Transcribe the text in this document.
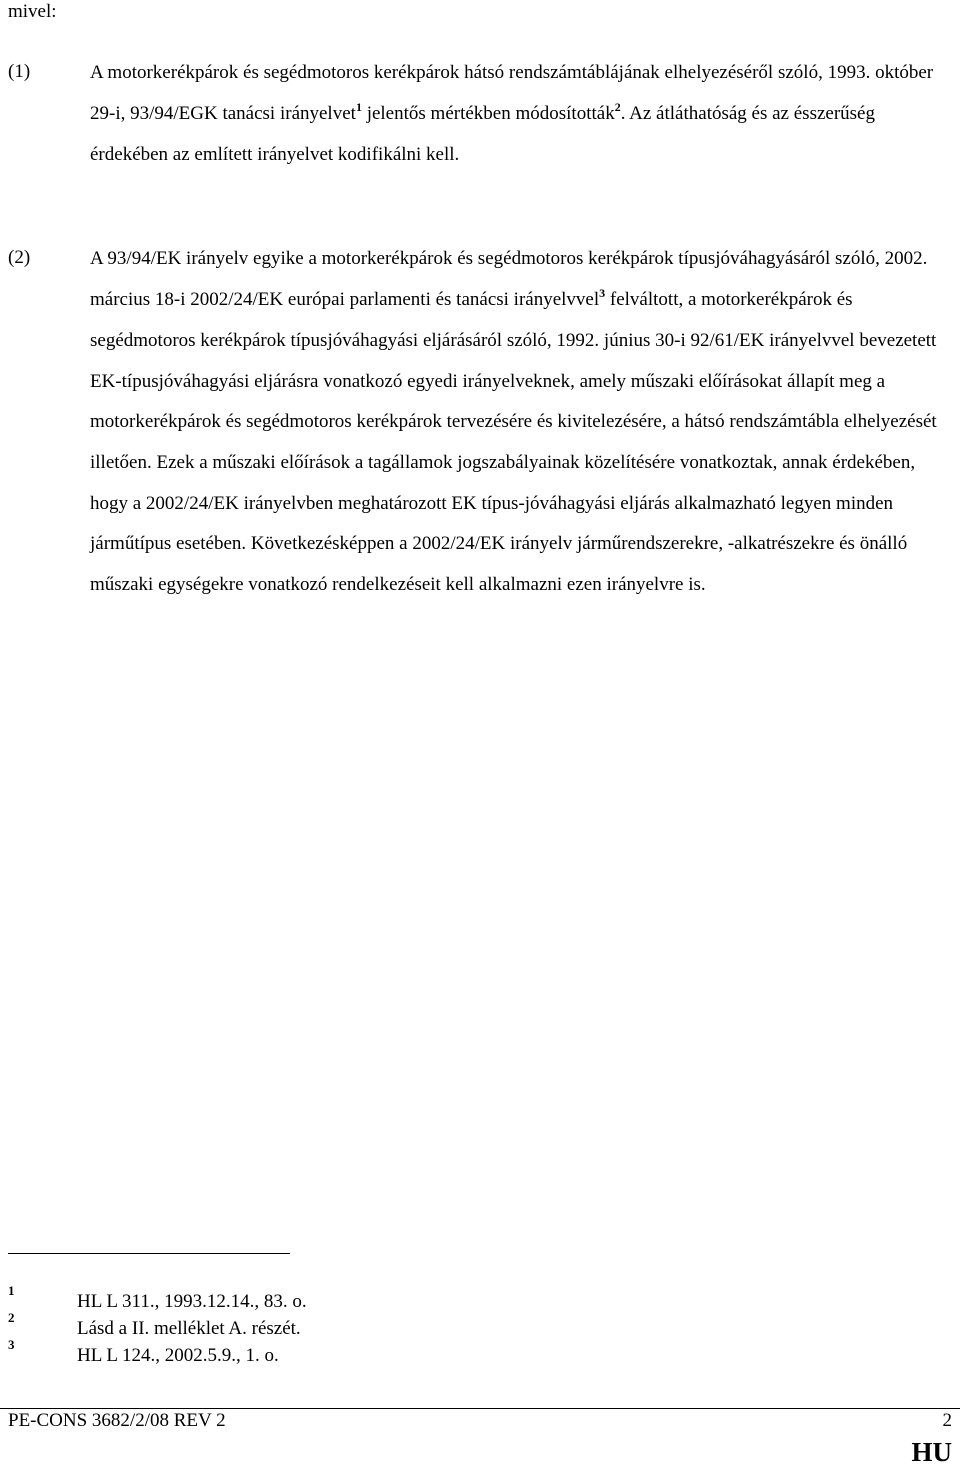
mivel:
(1)	A motorkerékpárok és segédmotoros kerékpárok hátsó rendszámtáblájának elhelyezéséről szóló, 1993. október 29-i, 93/94/EGK tanácsi irányelvet$^1$ jelentős mértékben módosították$^2$. Az átláthatóság és az ésszerűség érdekében az említett irányelvet kodifikálni kell.
(2)	A 93/94/EK irányelv egyike a motorkerékpárok és segédmotoros kerékpárok típusjóváhagyásáról szóló, 2002. március 18-i 2002/24/EK európai parlamenti és tanácsi irányelvvel$^3$ felváltott, a motorkerékpárok és segédmotoros kerékpárok típusjóváhagyási eljárásáról szóló, 1992. június 30-i 92/61/EK irányelvvel bevezetett EK-típusjóváhagyási eljárásra vonatkozó egyedi irányelveknek, amely műszaki előírásokat állapít meg a motorkerékpárok és segédmotoros kerékpárok tervezésére és kivitelezésére, a hátsó rendszámtábla elhelyezését illetően. Ezek a műszaki előírások a tagállamok jogszabályainak közelítésére vonatkoztak, annak érdekében, hogy a 2002/24/EK irányelvben meghatározott EK típus-jóváhagyási eljárás alkalmazható legyen minden járműtípus esetében. Következésképpen a 2002/24/EK irányelv járműrendszerekre, -alkatrészekre és önálló műszaki egységekre vonatkozó rendelkezéseit kell alkalmazni ezen irányelvre is.
1
HL L 311., 1993.12.14., 83. o.
2
Lásd a II. melléklet A. részét.
3
HL L 124., 2002.5.9., 1. o.
PE-CONS 3682/2/08 REV 2	2
HU
